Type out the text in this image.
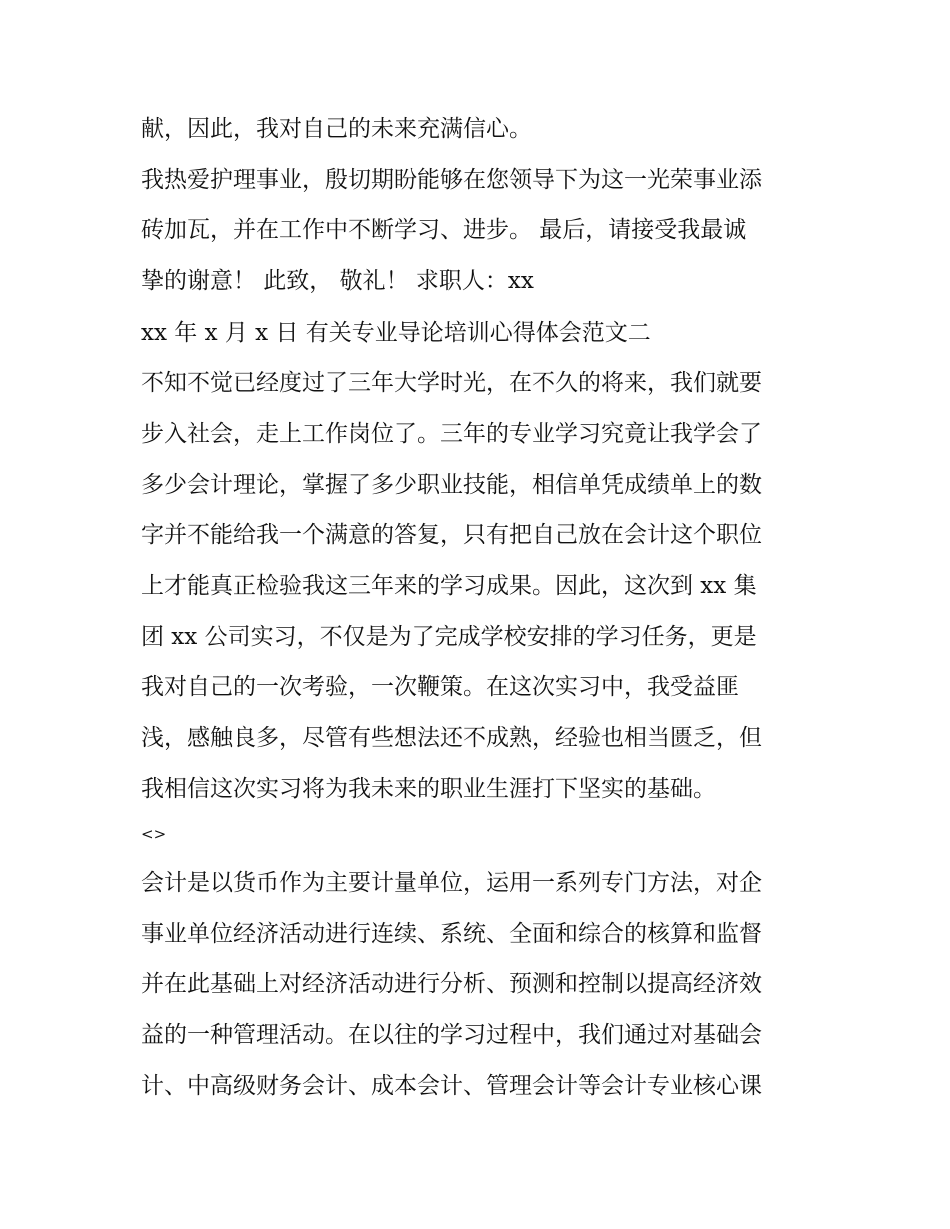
献，因此，我对自己的未来充满信心。

我热爱护理事业，殷切期盼能够在您领导下为这一光荣事业添

砖加瓦，并在工作中不断学习、进步。 最后，请接受我最诚

挚的谢意！ 此致， 敬礼！ 求职人：xx

xx 年 x 月 x 日 有关专业导论培训心得体会范文二

不知不觉已经度过了三年大学时光，在不久的将来，我们就要

步入社会，走上工作岗位了。三年的专业学习究竟让我学会了

多少会计理论，掌握了多少职业技能，相信单凭成绩单上的数

字并不能给我一个满意的答复，只有把自己放在会计这个职位

上才能真正检验我这三年来的学习成果。因此，这次到 xx 集

团 xx 公司实习，不仅是为了完成学校安排的学习任务，更是

我对自己的一次考验，一次鞭策。在这次实习中，我受益匪

浅，感触良多，尽管有些想法还不成熟，经验也相当匮乏，但

我相信这次实习将为我未来的职业生涯打下坚实的基础。

<>

会计是以货币作为主要计量单位，运用一系列专门方法，对企

事业单位经济活动进行连续、系统、全面和综合的核算和监督

并在此基础上对经济活动进行分析、预测和控制以提高经济效

益的一种管理活动。在以往的学习过程中，我们通过对基础会

计、中高级财务会计、成本会计、管理会计等会计专业核心课
